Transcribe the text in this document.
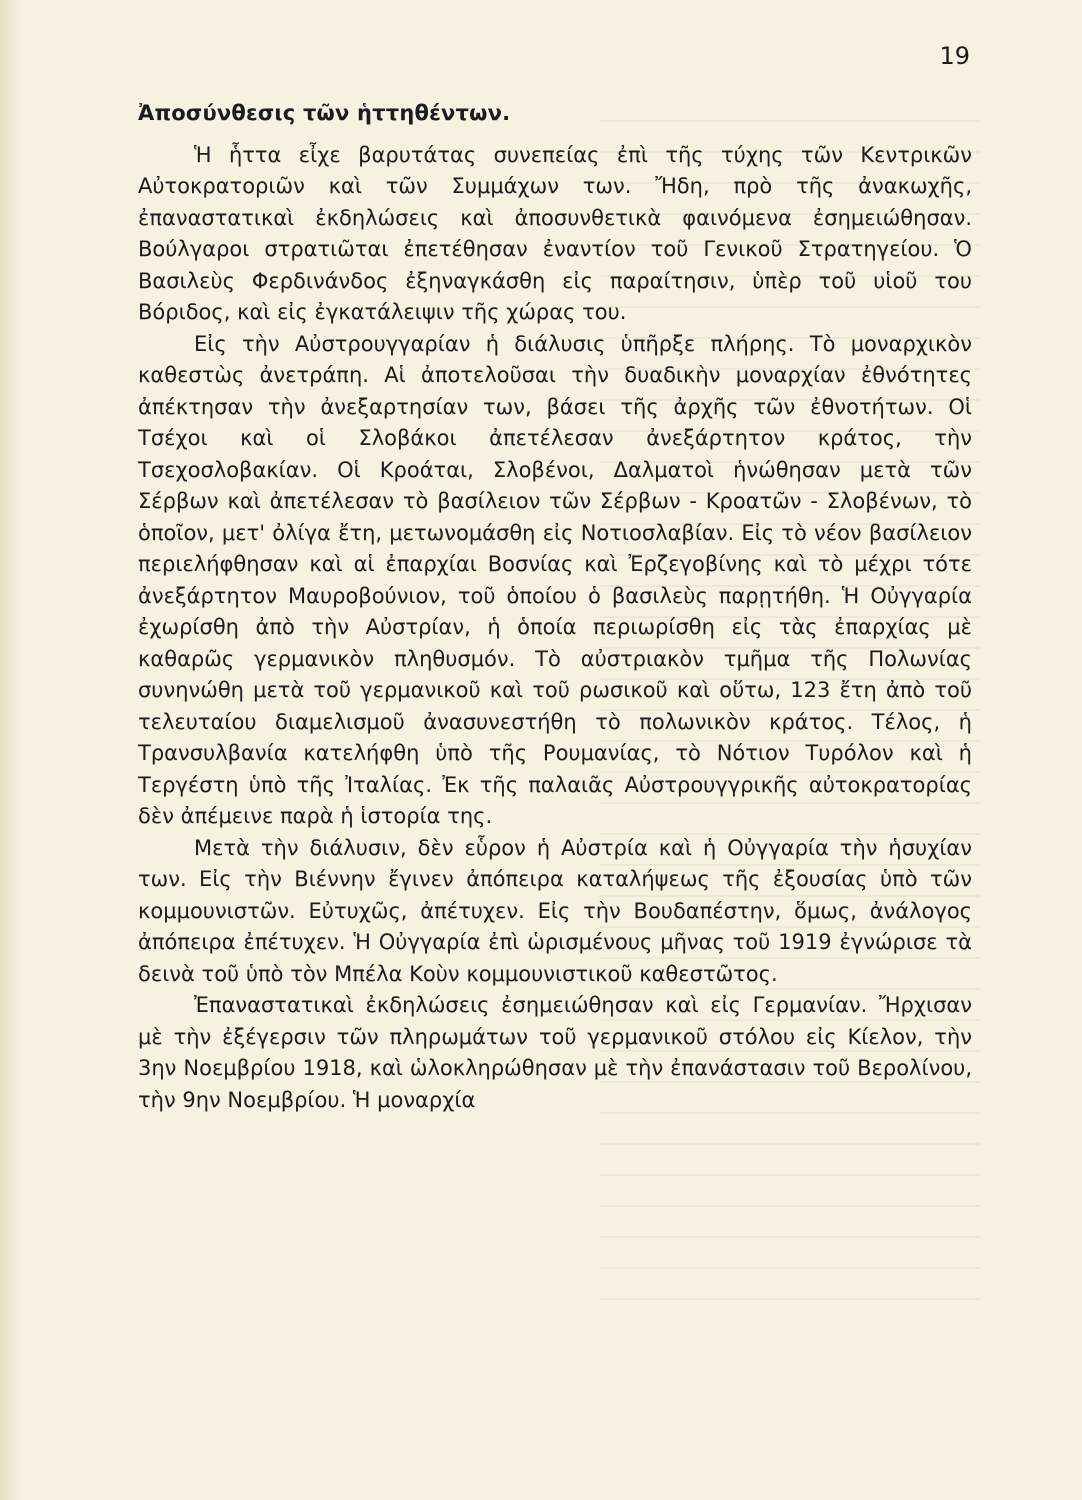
19

Ἀποσύνθεσις τῶν ἡττηθέντων.

Ἡ ἧττα εἶχε βαρυτάτας συνεπείας ἐπὶ τῆς τύχης τῶν Κεντρικῶν Αὐτοκρατοριῶν καὶ τῶν Συμμάχων των. Ἤδη, πρὸ τῆς ἀνακωχῆς, ἐπαναστατικαὶ ἐκδηλώσεις καὶ ἀποσυνθετικὰ φαινόμενα ἐσημειώθησαν. Βούλγαροι στρατιῶται ἐπετέθησαν ἐναντίον τοῦ Γενικοῦ Στρατηγείου. Ὁ Βασιλεὺς Φερδινάνδος ἐξηναγκάσθη εἰς παραίτησιν, ὑπὲρ τοῦ υἱοῦ του Βόριδος, καὶ εἰς ἐγκατάλειψιν τῆς χώρας του.

Εἰς τὴν Αὐστρουγγαρίαν ἡ διάλυσις ὑπῆρξε πλήρης. Τὸ μοναρχικὸν καθεστὼς ἀνετράπη. Αἱ ἀποτελοῦσαι τὴν δυαδικὴν μοναρχίαν ἐθνότητες ἀπέκτησαν τὴν ἀνεξαρτησίαν των, βάσει τῆς ἀρχῆς τῶν ἐθνοτήτων. Οἱ Τσέχοι καὶ οἱ Σλοβάκοι ἀπετέλεσαν ἀνεξάρτητον κράτος, τὴν Τσεχοσλοβακίαν. Οἱ Κροάται, Σλοβένοι, Δαλματοὶ ἡνώθησαν μετὰ τῶν Σέρβων καὶ ἀπετέλεσαν τὸ βασίλειον τῶν Σέρβων - Κροατῶν - Σλοβένων, τὸ ὁποῖον, μετ' ὀλίγα ἔτη, μετωνομάσθη εἰς Νοτιοσλαβίαν. Εἰς τὸ νέον βασίλειον περιελήφθησαν καὶ αἱ ἐπαρχίαι Βοσνίας καὶ Ἐρζεγοβίνης καὶ τὸ μέχρι τότε ἀνεξάρτητον Μαυροβούνιον, τοῦ ὁποίου ὁ βασιλεὺς παρῃτήθη. Ἡ Οὐγγαρία ἐχωρίσθη ἀπὸ τὴν Αὐστρίαν, ἡ ὁποία περιωρίσθη εἰς τὰς ἐπαρχίας μὲ καθαρῶς γερμανικὸν πληθυσμόν. Τὸ αὐστριακὸν τμῆμα τῆς Πολωνίας συνηνώθη μετὰ τοῦ γερμανικοῦ καὶ τοῦ ρωσικοῦ καὶ οὕτω, 123 ἔτη ἀπὸ τοῦ τελευταίου διαμελισμοῦ ἀνασυνεστήθη τὸ πολωνικὸν κράτος. Τέλος, ἡ Τρανσυλβανία κατελήφθη ὑπὸ τῆς Ρουμανίας, τὸ Νότιον Τυρόλον καὶ ἡ Τεργέστη ὑπὸ τῆς Ἰταλίας. Ἐκ τῆς παλαιᾶς Αὐστρουγγρικῆς αὐτοκρατορίας δὲν ἀπέμεινε παρὰ ἡ ἱστορία της.

Μετὰ τὴν διάλυσιν, δὲν εὗρον ἡ Αὐστρία καὶ ἡ Οὐγγαρία τὴν ἡσυχίαν των. Εἰς τὴν Βιέννην ἔγινεν ἀπόπειρα καταλήψεως τῆς ἐξουσίας ὑπὸ τῶν κομμουνιστῶν. Εὐτυχῶς, ἀπέτυχεν. Εἰς τὴν Βουδαπέστην, ὅμως, ἀνάλογος ἀπόπειρα ἐπέτυχεν. Ἡ Οὐγγαρία ἐπὶ ὡρισμένους μῆνας τοῦ 1919 ἐγνώρισε τὰ δεινὰ τοῦ ὑπὸ τὸν Μπέλα Κοὺν κομμουνιστικοῦ καθεστῶτος.

Ἐπαναστατικαὶ ἐκδηλώσεις ἐσημειώθησαν καὶ εἰς Γερμανίαν. Ἤρχισαν μὲ τὴν ἐξέγερσιν τῶν πληρωμάτων τοῦ γερμανικοῦ στόλου εἰς Κίελον, τὴν 3ην Νοεμβρίου 1918, καὶ ὡλοκληρώθησαν μὲ τὴν ἐπανάστασιν τοῦ Βερολίνου, τὴν 9ην Νοεμβρίου. Ἡ μοναρχία
